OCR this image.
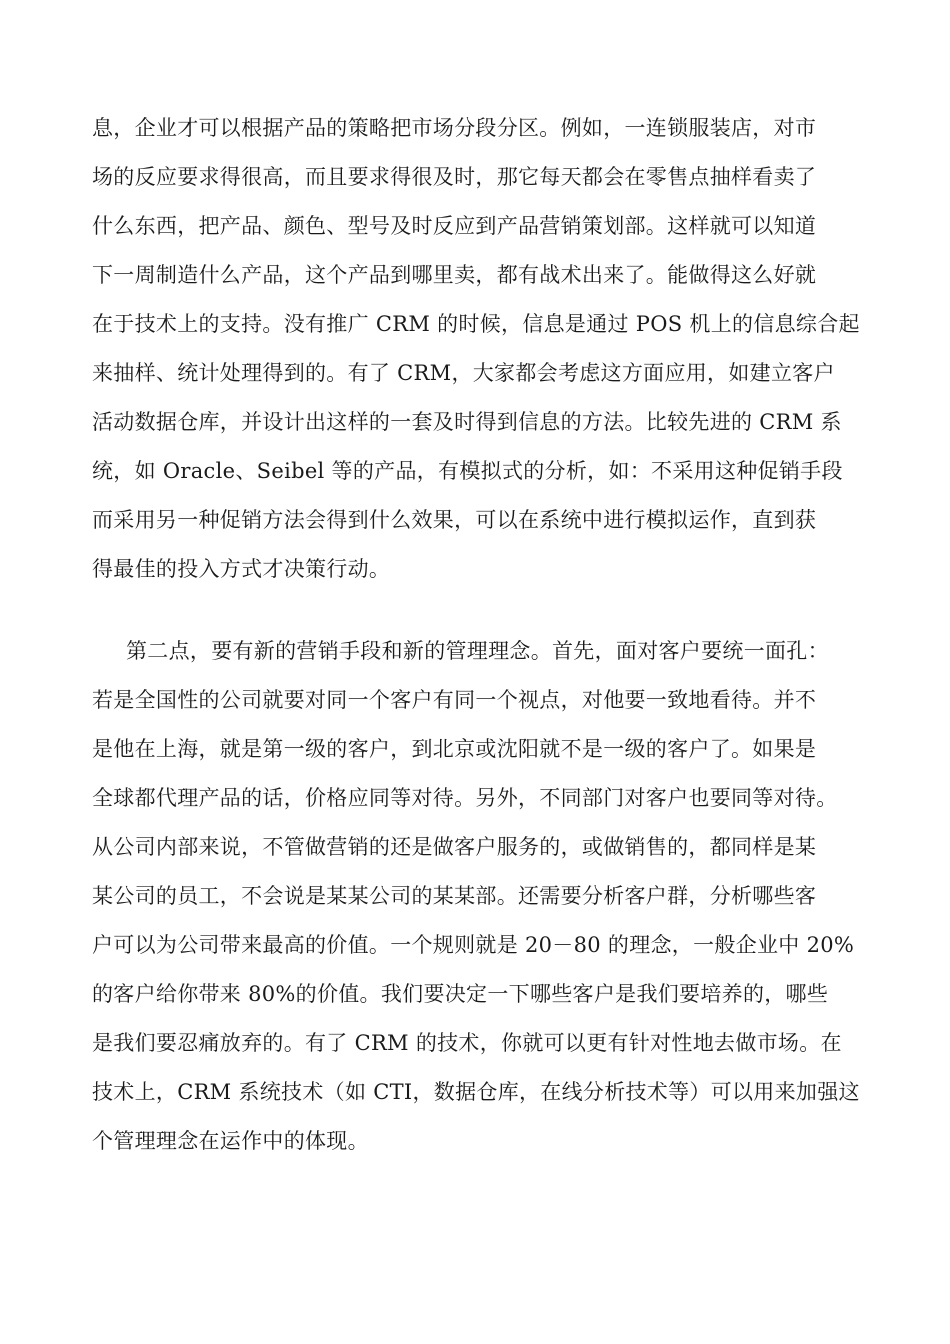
息，企业才可以根据产品的策略把市场分段分区。例如，一连锁服装店，对市
场的反应要求得很高，而且要求得很及时，那它每天都会在零售点抽样看卖了
什么东西，把产品、颜色、型号及时反应到产品营销策划部。这样就可以知道
下一周制造什么产品，这个产品到哪里卖，都有战术出来了。能做得这么好就
在于技术上的支持。没有推广 CRM 的时候，信息是通过 POS 机上的信息综合起
来抽样、统计处理得到的。有了 CRM，大家都会考虑这方面应用，如建立客户
活动数据仓库，并设计出这样的一套及时得到信息的方法。比较先进的 CRM 系
统，如 Oracle、Seibel 等的产品，有模拟式的分析，如：不采用这种促销手段
而采用另一种促销方法会得到什么效果，可以在系统中进行模拟运作，直到获
得最佳的投入方式才决策行动。
第二点，要有新的营销手段和新的管理理念。首先，面对客户要统一面孔：
若是全国性的公司就要对同一个客户有同一个视点，对他要一致地看待。并不
是他在上海，就是第一级的客户，到北京或沈阳就不是一级的客户了。如果是
全球都代理产品的话，价格应同等对待。另外，不同部门对客户也要同等对待。
从公司内部来说，不管做营销的还是做客户服务的，或做销售的，都同样是某
某公司的员工，不会说是某某公司的某某部。还需要分析客户群，分析哪些客
户可以为公司带来最高的价值。一个规则就是 20－80 的理念，一般企业中 20%
的客户给你带来 80%的价值。我们要决定一下哪些客户是我们要培养的，哪些
是我们要忍痛放弃的。有了 CRM 的技术，你就可以更有针对性地去做市场。在
技术上，CRM 系统技术（如 CTI，数据仓库，在线分析技术等）可以用来加强这
个管理理念在运作中的体现。
